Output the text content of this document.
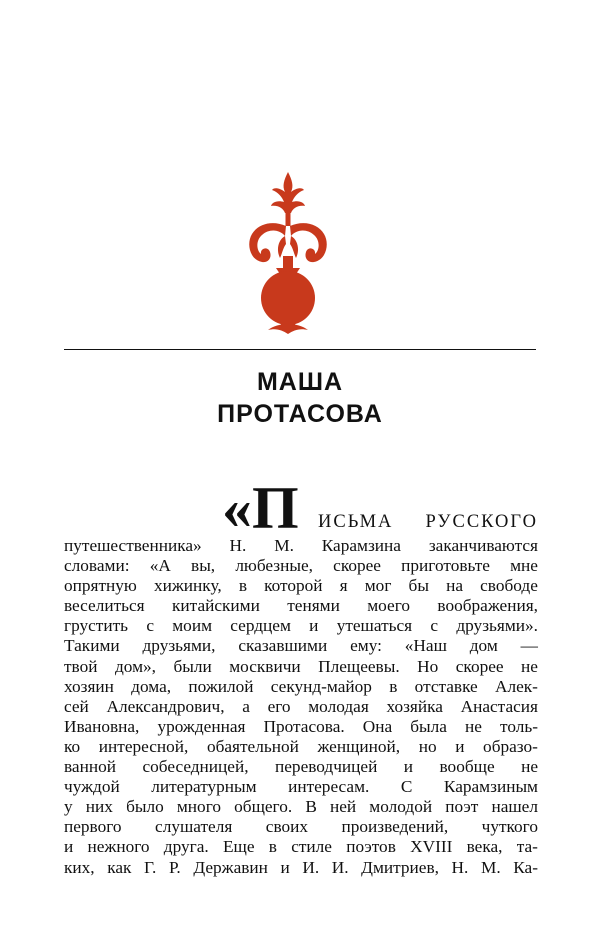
МАША
ПРОТАСОВА
«П ИСЬМА РУССКОГО
путешественника» Н. М. Карамзина заканчиваются
словами: «А вы, любезные, скорее приготовьте мне
опрятную хижинку, в которой я мог бы на свободе
веселиться китайскими тенями моего воображения,
грустить с моим сердцем и утешаться с друзьями».
Такими друзьями, сказавшими ему: «Наш дом —
твой дом», были москвичи Плещеевы. Но скорее не
хозяин дома, пожилой секунд-майор в отставке Алек-
сей Александрович, а его молодая хозяйка Анастасия
Ивановна, урожденная Протасова. Она была не толь-
ко интересной, обаятельной женщиной, но и образо-
ванной собеседницей, переводчицей и вообще не
чуждой литературным интересам. С Карамзиным
у них было много общего. В ней молодой поэт нашел
первого слушателя своих произведений, чуткого
и нежного друга. Еще в стиле поэтов XVIII века, та-
ких, как Г. Р. Державин и И. И. Дмитриев, Н. М. Ка-
